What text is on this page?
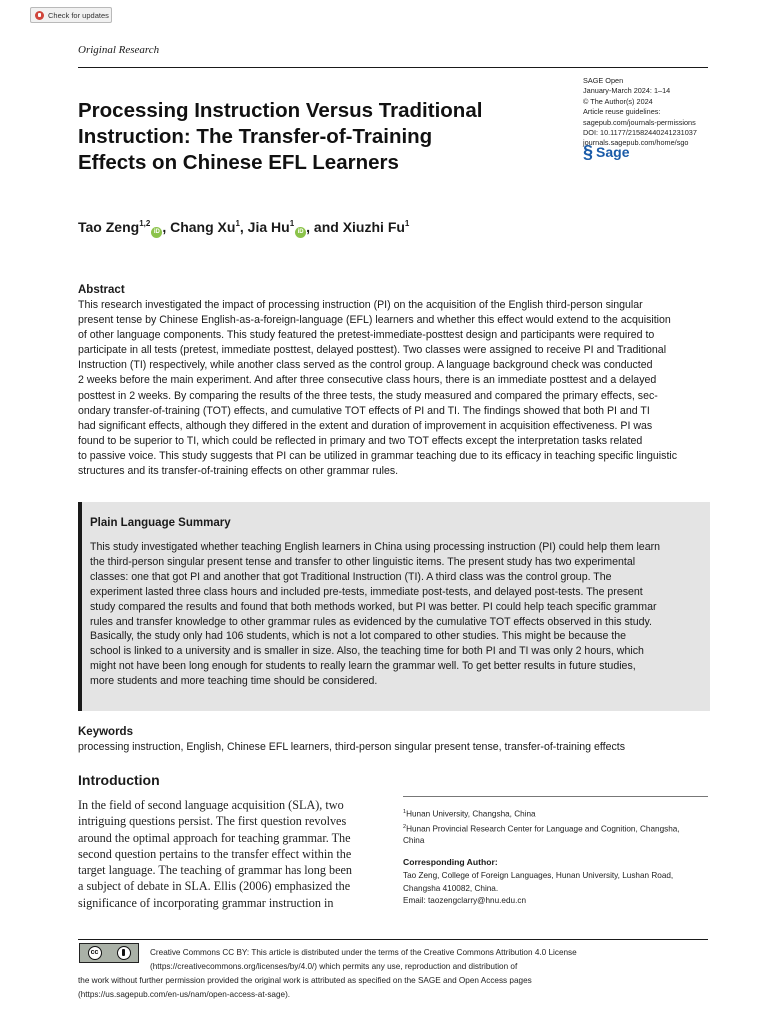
Check for updates
Original Research
Processing Instruction Versus Traditional
Instruction: The Transfer-of-Training
Effects on Chinese EFL Learners
SAGE Open
January-March 2024: 1–14
© The Author(s) 2024
Article reuse guidelines:
sagepub.com/journals-permissions
DOI: 10.1177/21582440241231037
journals.sagepub.com/home/sgo
§ Sage
Tao Zeng$^{1,2}$iD , Chang Xu$^1$, Jia Hu$^1$iD , and Xiuzhi Fu$^1$
Abstract
This research investigated the impact of processing instruction (PI) on the acquisition of the English third-person singular
present tense by Chinese English-as-a-foreign-language (EFL) learners and whether this effect would extend to the acquisition
of other language components. This study featured the pretest-immediate-posttest design and participants were required to
participate in all tests (pretest, immediate posttest, delayed posttest). Two classes were assigned to receive PI and Traditional
Instruction (TI) respectively, while another class served as the control group. A language background check was conducted
2 weeks before the main experiment. And after three consecutive class hours, there is an immediate posttest and a delayed
posttest in 2 weeks. By comparing the results of the three tests, the study measured and compared the primary effects, sec-
ondary transfer-of-training (TOT) effects, and cumulative TOT effects of PI and TI. The findings showed that both PI and TI
had significant effects, although they differed in the extent and duration of improvement in acquisition effectiveness. PI was
found to be superior to TI, which could be reflected in primary and two TOT effects except the interpretation tasks related
to passive voice. This study suggests that PI can be utilized in grammar teaching due to its efficacy in teaching specific linguistic
structures and its transfer-of-training effects on other grammar rules.
Plain Language Summary
This study investigated whether teaching English learners in China using processing instruction (PI) could help them learn
the third-person singular present tense and transfer to other linguistic items. The present study has two experimental
classes: one that got PI and another that got Traditional Instruction (TI). A third class was the control group. The
experiment lasted three class hours and included pre-tests, immediate post-tests, and delayed post-tests. The present
study compared the results and found that both methods worked, but PI was better. PI could help teach specific grammar
rules and transfer knowledge to other grammar rules as evidenced by the cumulative TOT effects observed in this study.
Basically, the study only had 106 students, which is not a lot compared to other studies. This might be because the
school is linked to a university and is smaller in size. Also, the teaching time for both PI and TI was only 2 hours, which
might not have been long enough for students to really learn the grammar well. To get better results in future studies,
more students and more teaching time should be considered.
Keywords
processing instruction, English, Chinese EFL learners, third-person singular present tense, transfer-of-training effects
Introduction
In the field of second language acquisition (SLA), two
intriguing questions persist. The first question revolves
around the optimal approach for teaching grammar. The
second question pertains to the transfer effect within the
target language. The teaching of grammar has long been
a subject of debate in SLA. Ellis (2006) emphasized the
significance of incorporating grammar instruction in
$^1$Hunan University, Changsha, China
$^2$Hunan Provincial Research Center for Language and Cognition, Changsha,
China
Corresponding Author:
Tao Zeng, College of Foreign Languages, Hunan University, Lushan Road,
Changsha 410082, China.
Email: taozengclarry@hnu.edu.cn
cc	Creative Commons CC BY: This article is distributed under the terms of the Creative Commons Attribution 4.0 License
(https://creativecommons.org/licenses/by/4.0/) which permits any use, reproduction and distribution of
the work without further permission provided the original work is attributed as specified on the SAGE and Open Access pages
(https://us.sagepub.com/en-us/nam/open-access-at-sage).
